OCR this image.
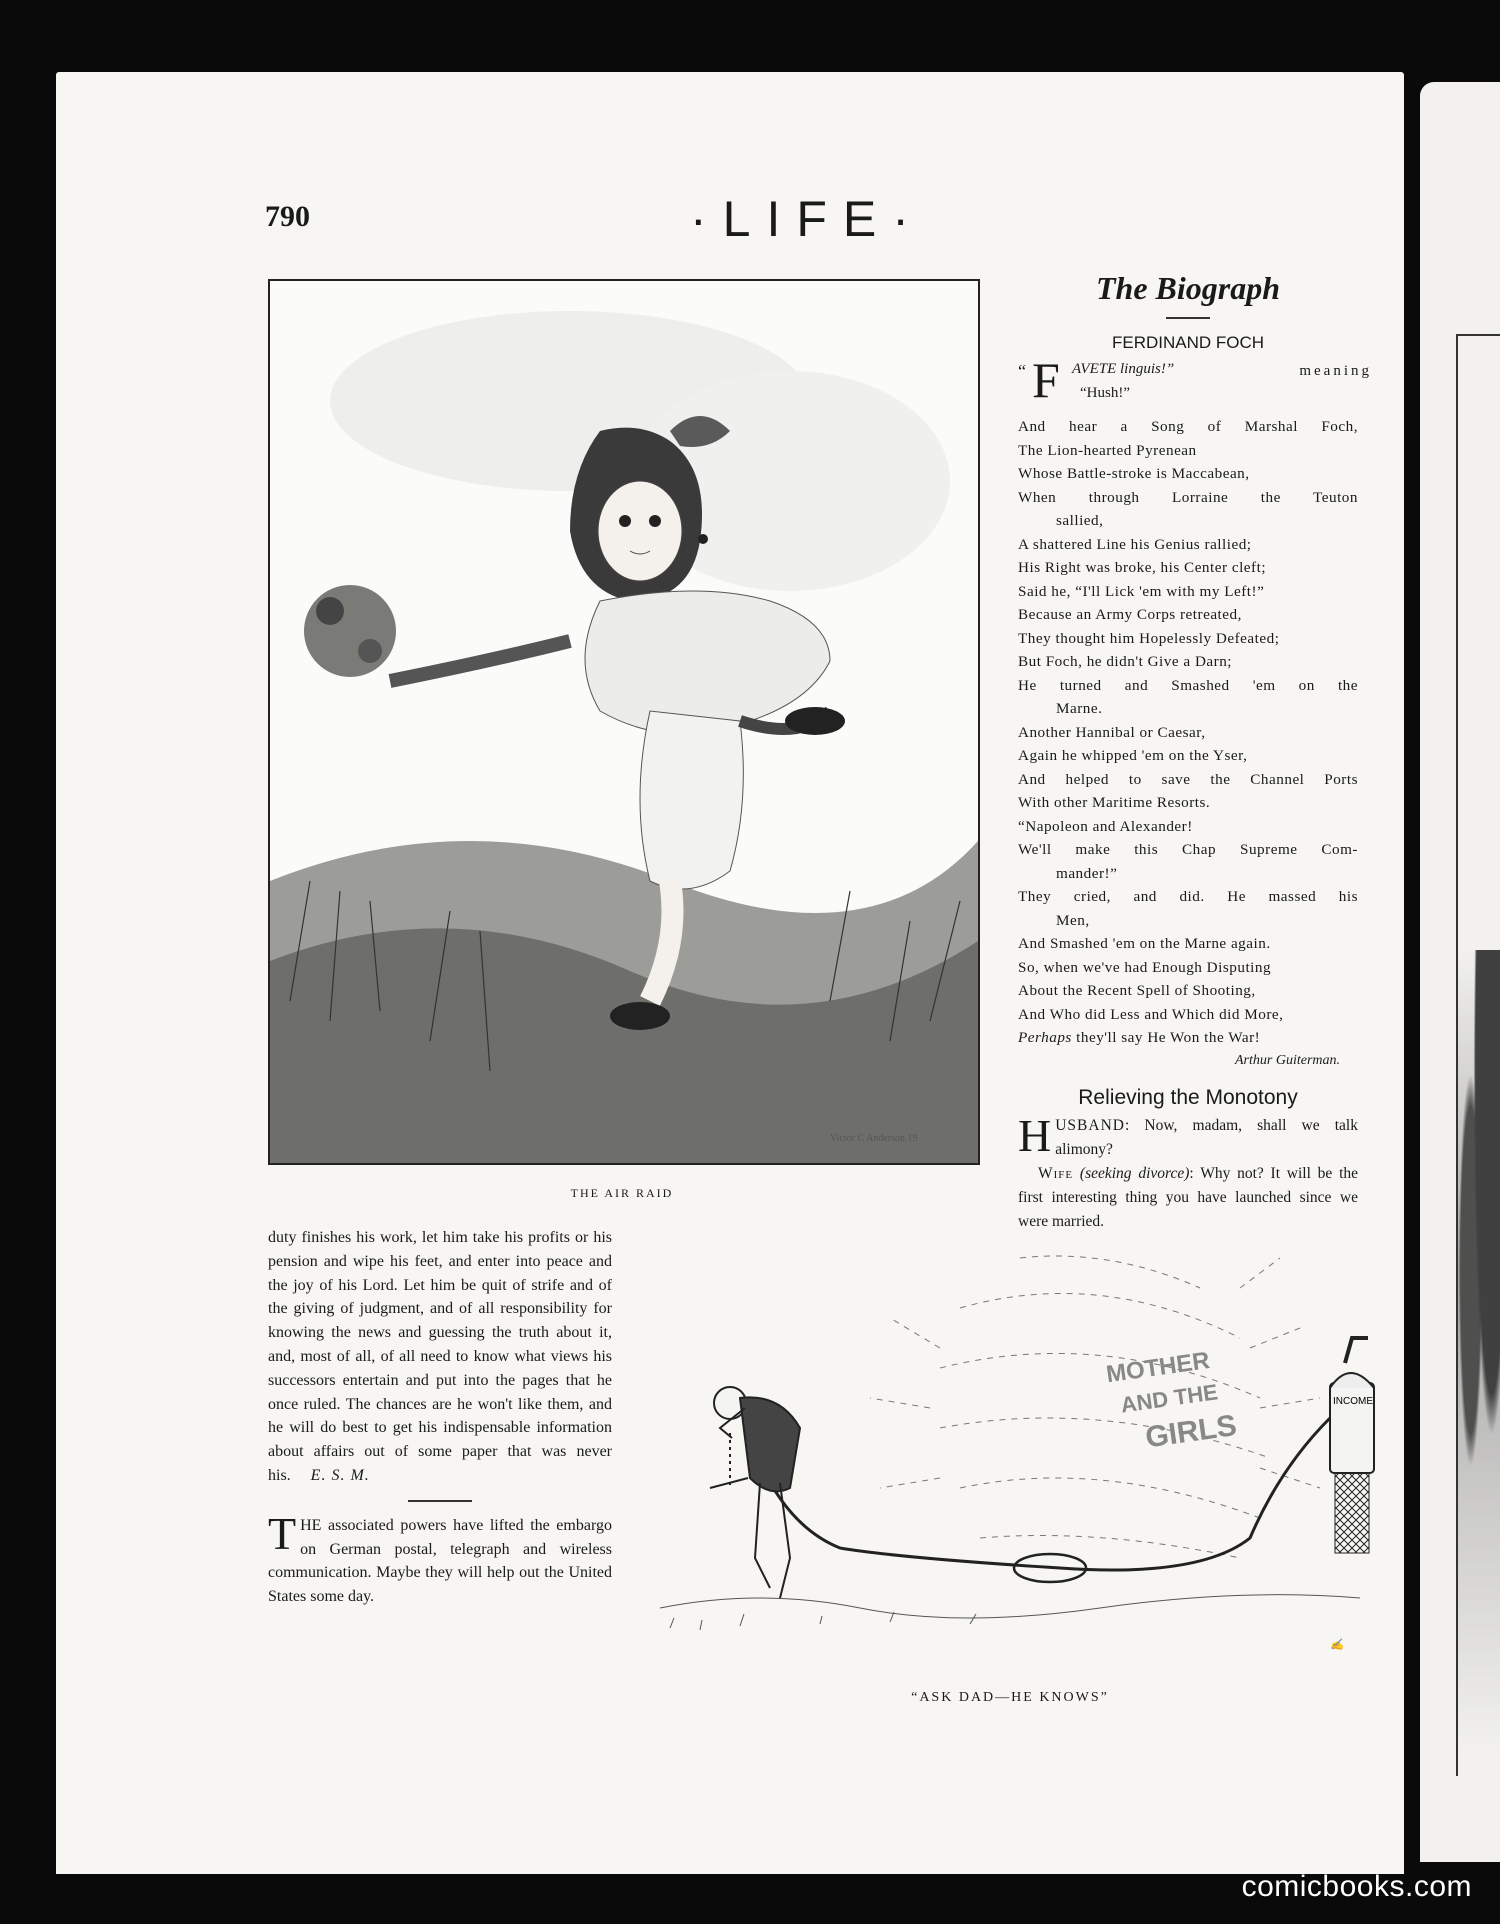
790	·LIFE·
Victor C Anderson 19
THE AIR RAID
The Biograph
FERDINAND FOCH
“ F AVETE linguis!”	meaning
“Hush!”
And hear a Song of Marshal Foch,
The Lion-hearted Pyrenean
Whose Battle-stroke is Maccabean,
When through Lorraine the Teuton
sallied,
A shattered Line his Genius rallied;
His Right was broke, his Center cleft;
Said he, “I'll Lick 'em with my Left!”
Because an Army Corps retreated,
They thought him Hopelessly Defeated;
But Foch, he didn't Give a Darn;
He turned and Smashed 'em on the
Marne.
Another Hannibal or Caesar,
Again he whipped 'em on the Yser,
And helped to save the Channel Ports
With other Maritime Resorts.
“Napoleon and Alexander!
We'll make this Chap Supreme Com-
mander!”
They cried, and did. He massed his
Men,
And Smashed 'em on the Marne again.
So, when we've had Enough Disputing
About the Recent Spell of Shooting,
And Who did Less and Which did More,
Perhaps they'll say He Won the War!
Arthur Guiterman.
Relieving the Monotony

HUSBAND: Now, madam, shall we talk alimony?

Wife (seeking divorce): Why not? It will be the first interesting thing you have launched since we were married.

duty finishes his work, let him take his profits or his pension and wipe his feet, and enter into peace and the joy of his Lord. Let him be quit of strife and of the giving of judgment, and of all responsibility for knowing the news and guessing the truth about it, and, most of all, of all need to know what views his successors entertain and put into the pages that he once ruled. The chances are he won't like them, and he will do best to get his indispensable information about affairs out of some paper that was never his. E. S. M.

THE associated powers have lifted the embargo on German postal, telegraph and wireless communication. Maybe they will help out the United States some day.

MOTHER
AND THE
GIRLS
INCOME
✍
“ASK DAD—HE KNOWS”
comicbooks.com
